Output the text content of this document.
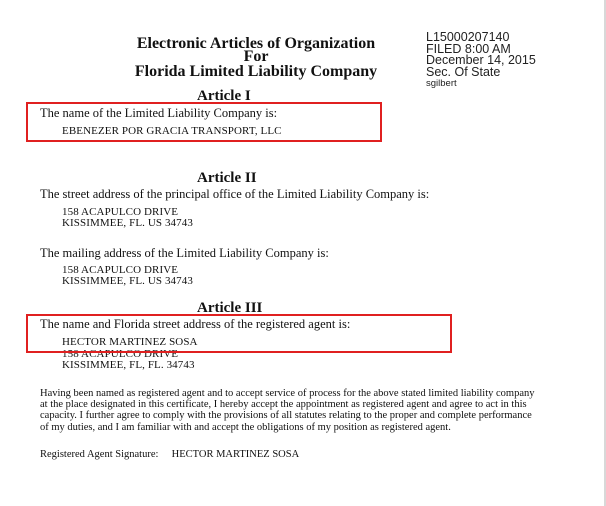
Electronic Articles of Organization
For
Florida Limited Liability Company
L15000207140
FILED 8:00 AM
December 14, 2015
Sec. Of State
sgilbert
Article I
The name of the Limited Liability Company is:
EBENEZER POR GRACIA TRANSPORT, LLC
Article II
The street address of the principal office of the Limited Liability Company is:
158 ACAPULCO DRIVE
KISSIMMEE, FL. US 34743
The mailing address of the Limited Liability Company is:
158 ACAPULCO DRIVE
KISSIMMEE, FL. US 34743
Article III
The name and Florida street address of the registered agent is:
HECTOR MARTINEZ SOSA
158 ACAPULCO DRIVE
KISSIMMEE, FL, FL. 34743
Having been named as registered agent and to accept service of process for the above stated limited liability company at the place designated in this certificate, I hereby accept the appointment as registered agent and agree to act in this capacity. I further agree to comply with the provisions of all statutes relating to the proper and complete performance of my duties, and I am familiar with and accept the obligations of my position as registered agent.
Registered Agent Signature: HECTOR MARTINEZ SOSA
